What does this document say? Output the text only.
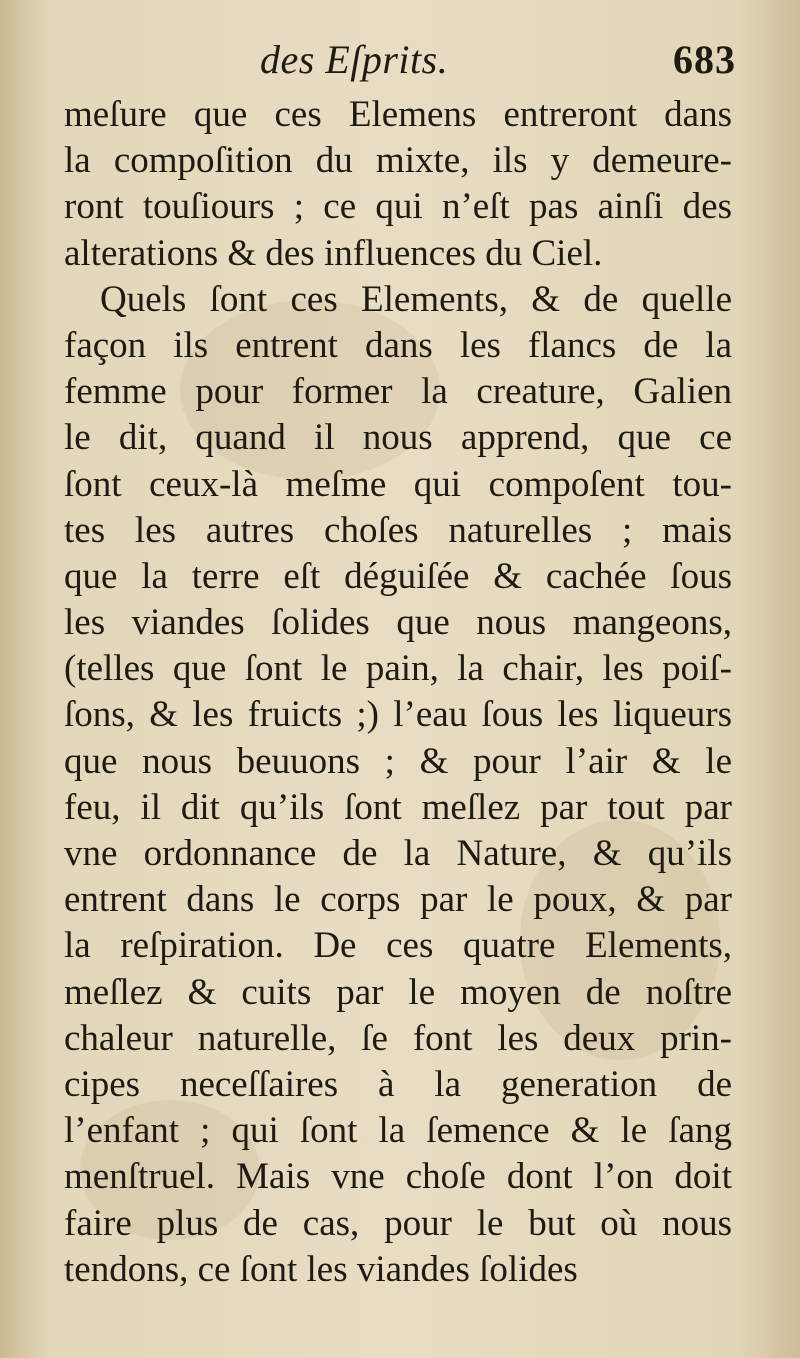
des Eſprits.	683
meſure que ces Elemens entreront dans
la compoſition du mixte, ils y demeure-
ront touſiours ; ce qui n’eſt pas ainſi des
alterations & des influences du Ciel.
Quels ſont ces Elements, & de quelle
façon ils entrent dans les flancs de la
femme pour former la creature, Galien
le dit, quand il nous apprend, que ce
ſont ceux-là meſme qui compoſent tou-
tes les autres choſes naturelles ; mais
que la terre eſt déguiſée & cachée ſous
les viandes ſolides que nous mangeons,
(telles que ſont le pain, la chair, les poiſ-
ſons, & les fruicts ;) l’eau ſous les liqueurs
que nous beuuons ; & pour l’air & le
feu, il dit qu’ils ſont meſlez par tout par
vne ordonnance de la Nature, & qu’ils
entrent dans le corps par le poux, & par
la reſpiration. De ces quatre Elements,
meſlez & cuits par le moyen de noſtre
chaleur naturelle, ſe font les deux prin-
cipes neceſſaires à la generation de
l’enfant ; qui ſont la ſemence & le ſang
menſtruel. Mais vne choſe dont l’on doit
faire plus de cas, pour le but où nous
tendons, ce ſont les viandes ſolides
